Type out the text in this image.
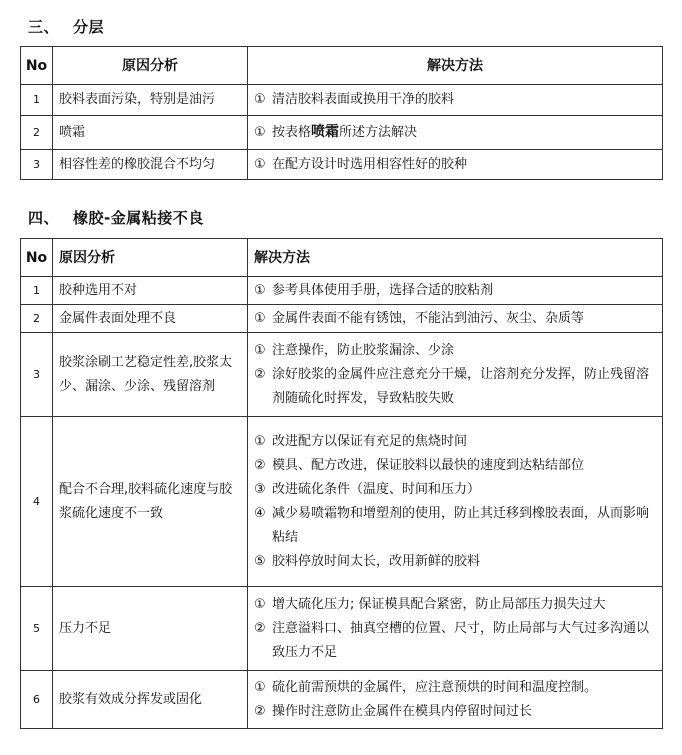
三、 分层
No	原因分析	解决方法
1	胶料表面污染，特别是油污	① 清洁胶料表面或换用干净的胶料
2	喷霜	① 按表格喷霜所述方法解决
3	相容性差的橡胶混合不均匀	① 在配方设计时选用相容性好的胶种
四、 橡胶-金属粘接不良
No	原因分析	解决方法
1	胶种选用不对	① 参考具体使用手册，选择合适的胶粘剂
2	金属件表面处理不良	① 金属件表面不能有锈蚀，不能沾到油污、灰尘、杂质等
3	胶浆涂刷工艺稳定性差,胶浆太少、漏涂、少涂、残留溶剂	① 注意操作，防止胶浆漏涂、少涂
② 涂好胶浆的金属件应注意充分干燥，让溶剂充分发挥，防止残留溶剂随硫化时挥发，导致粘胶失败

4	配合不合理,胶料硫化速度与胶浆硫化速度不一致	① 改进配方以保证有充足的焦烧时间
② 模具、配方改进，保证胶料以最快的速度到达粘结部位
③ 改进硫化条件（温度、时间和压力）
④ 减少易喷霜物和增塑剂的使用，防止其迁移到橡胶表面，从而影响粘结
⑤ 胶料停放时间太长，改用新鲜的胶料

5	压力不足	① 增大硫化压力; 保证模具配合紧密，防止局部压力损失过大
② 注意溢料口、抽真空槽的位置、尺寸，防止局部与大气过多沟通以致压力不足

6	胶浆有效成分挥发或固化	① 硫化前需预烘的金属件，应注意预烘的时间和温度控制。
② 操作时注意防止金属件在模具内停留时间过长
